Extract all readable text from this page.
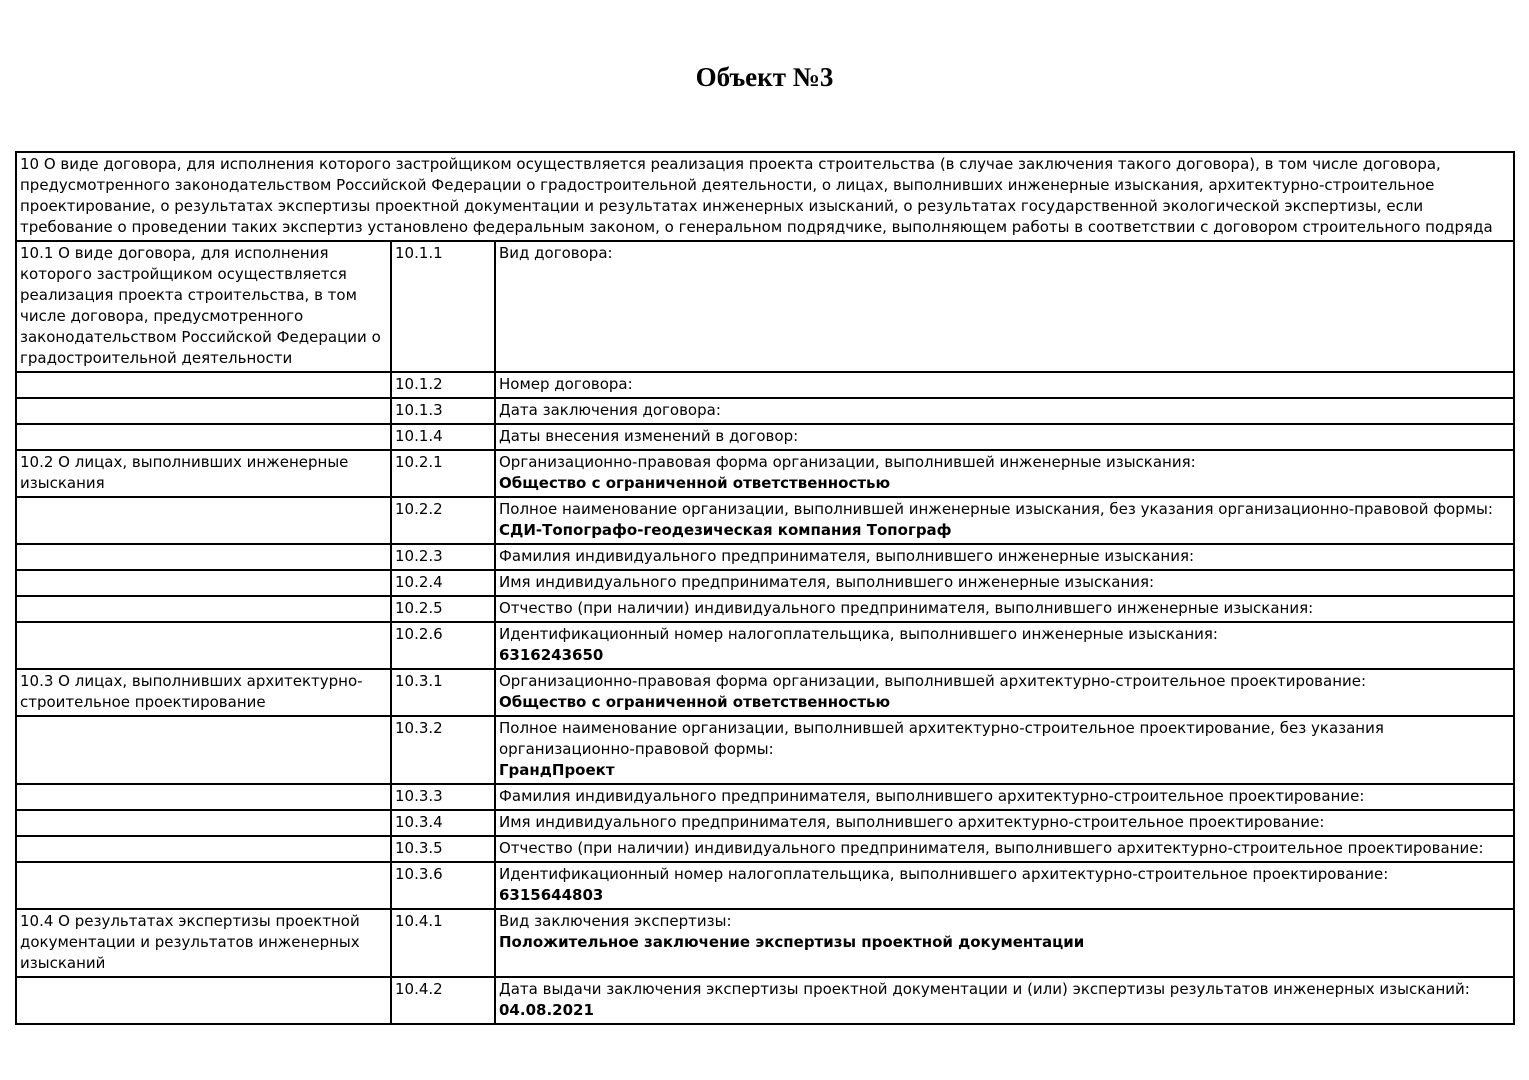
Объект №3
10 О виде договора, для исполнения которого застройщиком осуществляется реализация проекта строительства (в случае заключения такого договора), в том числе договора, предусмотренного законодательством Российской Федерации о градостроительной деятельности, о лицах, выполнивших инженерные изыскания, архитектурно-строительное проектирование, о результатах экспертизы проектной документации и результатах инженерных изысканий, о результатах государственной экологической экспертизы, если требование о проведении таких экспертиз установлено федеральным законом, о генеральном подрядчике, выполняющем работы в соответствии с договором строительного подряда		
10.1 О виде договора, для исполнения которого застройщиком осуществляется реализация проекта строительства, в том числе договора, предусмотренного законодательством Российской Федерации о градостроительной деятельности	10.1.1	Вид договора:

	10.1.2	Номер договора:

	10.1.3	Дата заключения договора:

	10.1.4	Даты внесения изменений в договор:

10.2 О лицах, выполнивших инженерные изыскания	10.2.1	Организационно-правовая форма организации, выполнившей инженерные изыскания:
Общество с ограниченной ответственностью

	10.2.2	Полное наименование организации, выполнившей инженерные изыскания, без указания организационно-правовой формы:
СДИ-Топографо-геодезическая компания Топограф

	10.2.3	Фамилия индивидуального предпринимателя, выполнившего инженерные изыскания:

	10.2.4	Имя индивидуального предпринимателя, выполнившего инженерные изыскания:

	10.2.5	Отчество (при наличии) индивидуального предпринимателя, выполнившего инженерные изыскания:

	10.2.6	Идентификационный номер налогоплательщика, выполнившего инженерные изыскания:
6316243650

10.3 О лицах, выполнивших архитектурно-строительное проектирование	10.3.1	Организационно-правовая форма организации, выполнившей архитектурно-строительное проектирование:
Общество с ограниченной ответственностью

	10.3.2	Полное наименование организации, выполнившей архитектурно-строительное проектирование, без указания организационно-правовой формы:
ГрандПроект

	10.3.3	Фамилия индивидуального предпринимателя, выполнившего архитектурно-строительное проектирование:

	10.3.4	Имя индивидуального предпринимателя, выполнившего архитектурно-строительное проектирование:

	10.3.5	Отчество (при наличии) индивидуального предпринимателя, выполнившего архитектурно-строительное проектирование:

	10.3.6	Идентификационный номер налогоплательщика, выполнившего архитектурно-строительное проектирование:
6315644803

10.4 О результатах экспертизы проектной документации и результатов инженерных изысканий	10.4.1	Вид заключения экспертизы:
Положительное заключение экспертизы проектной документации

	10.4.2	Дата выдачи заключения экспертизы проектной документации и (или) экспертизы результатов инженерных изысканий:
04.08.2021
